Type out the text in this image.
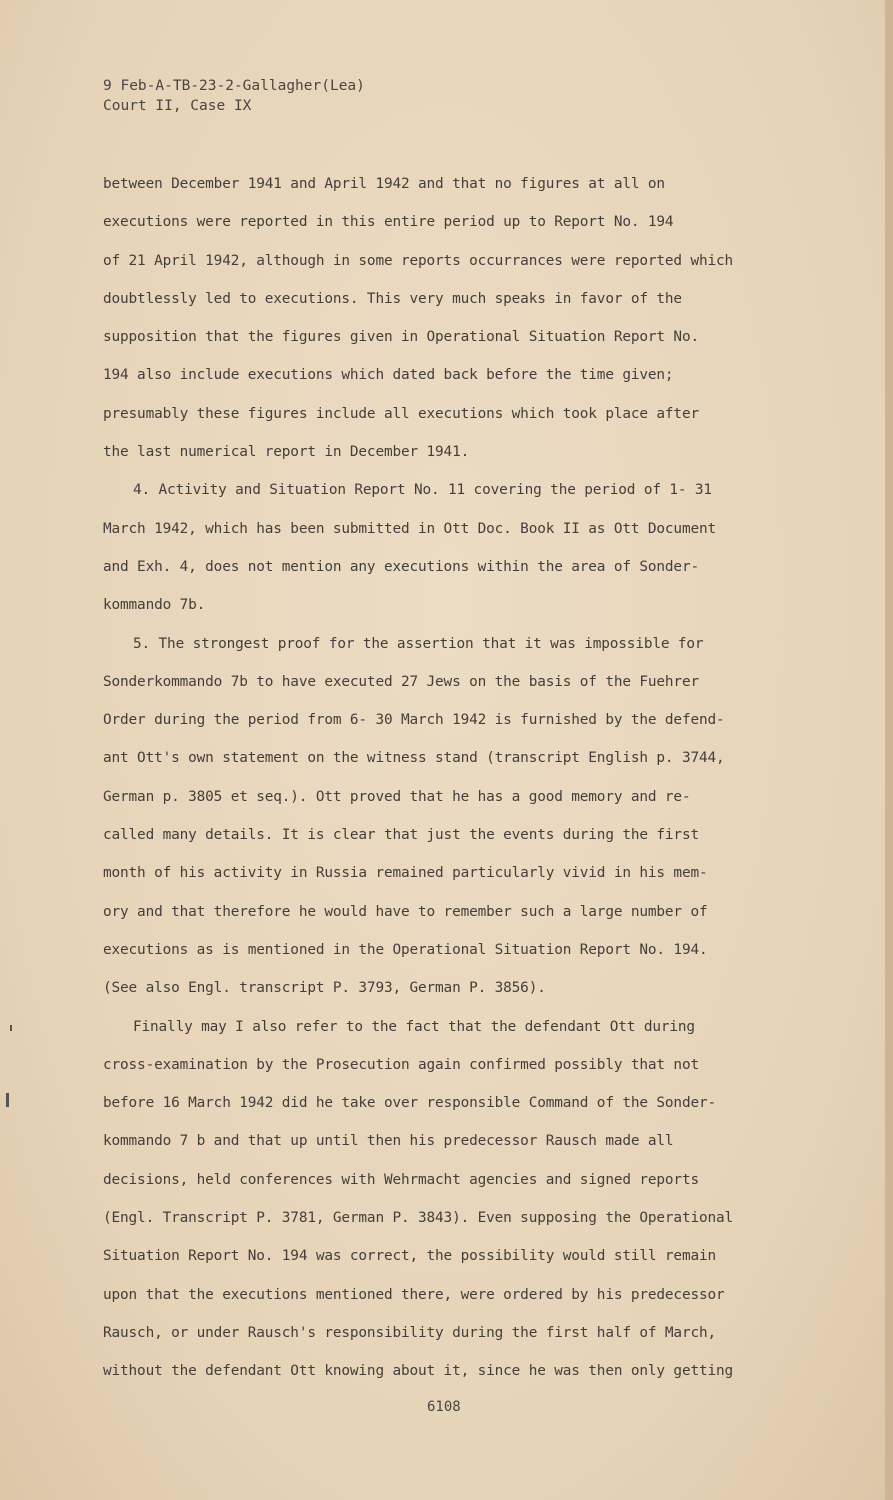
9 Feb-A-TB-23-2-Gallagher(Lea)
Court II, Case IX
between December 1941 and April 1942 and that no figures at all on
executions were reported in this entire period up to Report No. 194
of 21 April 1942, although in some reports occurrances were reported which
doubtlessly led to executions. This very much speaks in favor of the
supposition that the figures given in Operational Situation Report No.
194 also include executions which dated back before the time given;
presumably these figures include all executions which took place after
the last numerical report in December 1941.
4. Activity and Situation Report No. 11 covering the period of 1- 31
March 1942, which has been submitted in Ott Doc. Book II as Ott Document
and Exh. 4, does not mention any executions within the area of Sonder-
kommando 7b.
5. The strongest proof for the assertion that it was impossible for
Sonderkommando 7b to have executed 27 Jews on the basis of the Fuehrer
Order during the period from 6- 30 March 1942 is furnished by the defend-
ant Ott's own statement on the witness stand (transcript English p. 3744,
German p. 3805 et seq.). Ott proved that he has a good memory and re-
called many details. It is clear that just the events during the first
month of his activity in Russia remained particularly vivid in his mem-
ory and that therefore he would have to remember such a large number of
executions as is mentioned in the Operational Situation Report No. 194.
(See also Engl. transcript P. 3793, German P. 3856).
Finally may I also refer to the fact that the defendant Ott during
cross-examination by the Prosecution again confirmed possibly that not
before 16 March 1942 did he take over responsible Command of the Sonder-
kommando 7 b and that up until then his predecessor Rausch made all
decisions, held conferences with Wehrmacht agencies and signed reports
(Engl. Transcript P. 3781, German P. 3843). Even supposing the Operational
Situation Report No. 194 was correct, the possibility would still remain
upon that the executions mentioned there, were ordered by his predecessor
Rausch, or under Rausch's responsibility during the first half of March,
without the defendant Ott knowing about it, since he was then only getting
6108
